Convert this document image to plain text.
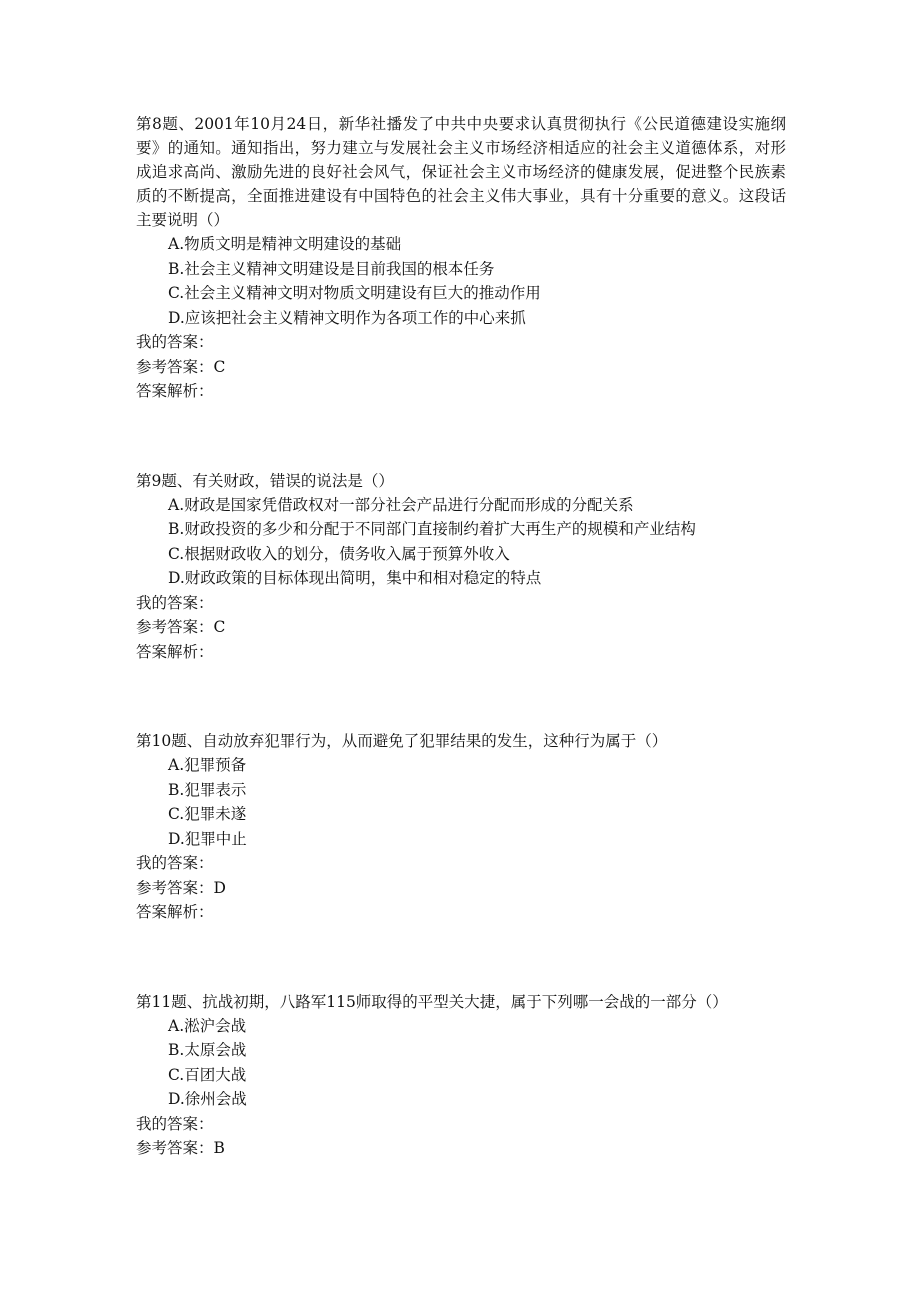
第8题、2001年10月24日，新华社播发了中共中央要求认真贯彻执行《公民道德建设实施纲要》的通知。通知指出，努力建立与发展社会主义市场经济相适应的社会主义道德体系，对形成追求高尚、激励先进的良好社会风气，保证社会主义市场经济的健康发展，促进整个民族素质的不断提高，全面推进建设有中国特色的社会主义伟大事业，具有十分重要的意义。这段话主要说明（）

A.物质文明是精神文明建设的基础

B.社会主义精神文明建设是目前我国的根本任务

C.社会主义精神文明对物质文明建设有巨大的推动作用

D.应该把社会主义精神文明作为各项工作的中心来抓

我的答案：

参考答案：C

答案解析：

第9题、有关财政，错误的说法是（）

A.财政是国家凭借政权对一部分社会产品进行分配而形成的分配关系

B.财政投资的多少和分配于不同部门直接制约着扩大再生产的规模和产业结构

C.根据财政收入的划分，债务收入属于预算外收入

D.财政政策的目标体现出简明，集中和相对稳定的特点

我的答案：

参考答案：C

答案解析：

第10题、自动放弃犯罪行为，从而避免了犯罪结果的发生，这种行为属于（）

A.犯罪预备

B.犯罪表示

C.犯罪未遂

D.犯罪中止

我的答案：

参考答案：D

答案解析：

第11题、抗战初期，八路军115师取得的平型关大捷，属于下列哪一会战的一部分（）

A.淞沪会战

B.太原会战

C.百团大战

D.徐州会战

我的答案：

参考答案：B
